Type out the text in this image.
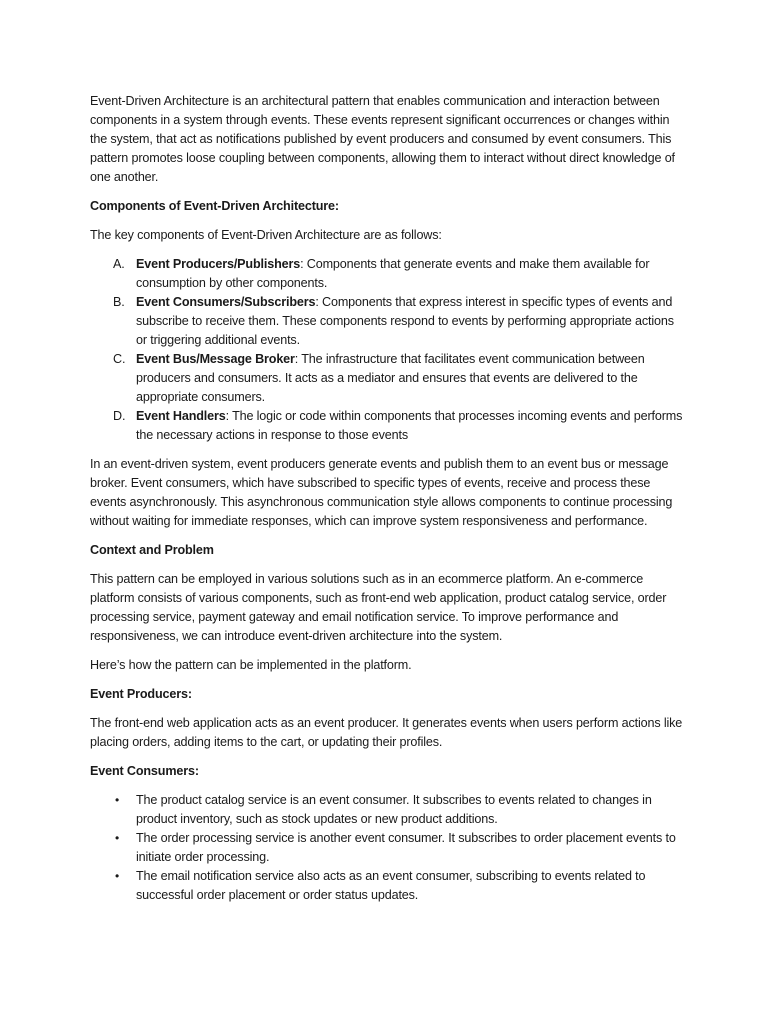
Event-Driven Architecture is an architectural pattern that enables communication and interaction between components in a system through events. These events represent significant occurrences or changes within the system, that act as notifications published by event producers and consumed by event consumers. This pattern promotes loose coupling between components, allowing them to interact without direct knowledge of one another.

Components of Event-Driven Architecture:

The key components of Event-Driven Architecture are as follows:

A. Event Producers/Publishers: Components that generate events and make them available for consumption by other components.
B. Event Consumers/Subscribers: Components that express interest in specific types of events and subscribe to receive them. These components respond to events by performing appropriate actions or triggering additional events.
C. Event Bus/Message Broker: The infrastructure that facilitates event communication between producers and consumers. It acts as a mediator and ensures that events are delivered to the appropriate consumers.
D. Event Handlers: The logic or code within components that processes incoming events and performs the necessary actions in response to those events

In an event-driven system, event producers generate events and publish them to an event bus or message broker. Event consumers, which have subscribed to specific types of events, receive and process these events asynchronously. This asynchronous communication style allows components to continue processing without waiting for immediate responses, which can improve system responsiveness and performance.

Context and Problem

This pattern can be employed in various solutions such as in an ecommerce platform. An e-commerce platform consists of various components, such as front-end web application, product catalog service, order processing service, payment gateway and email notification service. To improve performance and responsiveness, we can introduce event-driven architecture into the system.

Here’s how the pattern can be implemented in the platform.

Event Producers:

The front-end web application acts as an event producer. It generates events when users perform actions like placing orders, adding items to the cart, or updating their profiles.

Event Consumers:

• The product catalog service is an event consumer. It subscribes to events related to changes in product inventory, such as stock updates or new product additions.
• The order processing service is another event consumer. It subscribes to order placement events to initiate order processing.
• The email notification service also acts as an event consumer, subscribing to events related to successful order placement or order status updates.
